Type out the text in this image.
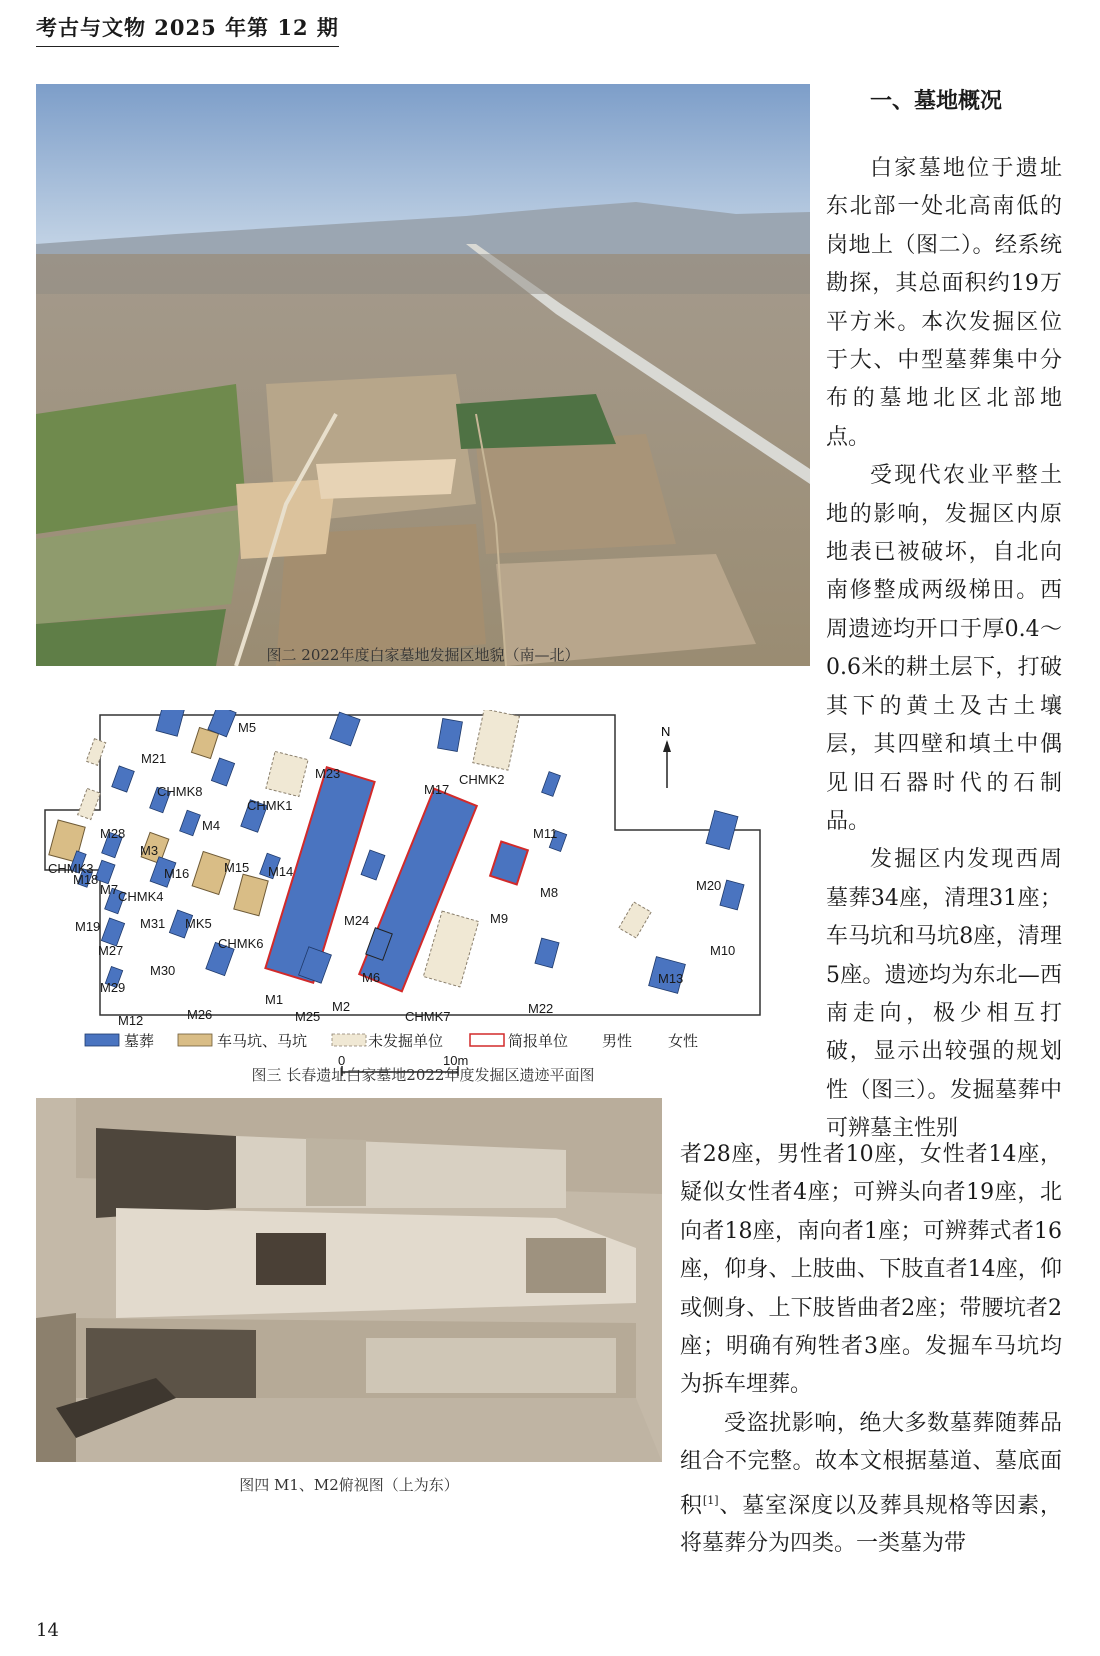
考古与文物 2025 年第 12 期
图二 2022年度白家墓地发掘区地貌（南—北）
M21
M5
M23
M17
CHMK2
CHMK8
CHMK1
M4
M28
M3
M11
CHMK3	M15 M14
M16
M18
M7 CHMK4	M8	M20
M9
M31 MK5
M19	M24
CHMK6	M10
M27
M30	M6	M13
M29
M1	M2	M22
M26	M25	CHMK7
M12
N
墓葬	车马坑、马坑	未发掘单位	简报单位 男性 女性
0	10m
图三 长春遗址白家墓地2022年度发掘区遗迹平面图
图四 M1、M2俯视图（上为东）
一、墓地概况

白家墓地位于遗址东北部一处北高南低的岗地上（图二）。经系统勘探，其总面积约19万平方米。本次发掘区位于大、中型墓葬集中分布的墓地北区北部地点。

受现代农业平整土地的影响，发掘区内原地表已被破坏，自北向南修整成两级梯田。西周遗迹均开口于厚0.4～0.6米的耕土层下，打破其下的黄土及古土壤层，其四壁和填土中偶见旧石器时代的石制品。

发掘区内发现西周墓葬34座，清理31座；车马坑和马坑8座，清理5座。遗迹均为东北—西南走向，极少相互打破，显示出较强的规划性（图三）。发掘墓葬中可辨墓主性别

者28座，男性者10座，女性者14座，疑似女性者4座；可辨头向者19座，北向者18座，南向者1座；可辨葬式者16座，仰身、上肢曲、下肢直者14座，仰或侧身、上下肢皆曲者2座；带腰坑者2座；明确有殉牲者3座。发掘车马坑均为拆车埋葬。

受盗扰影响，绝大多数墓葬随葬品组合不完整。故本文根据墓道、墓底面积[1]、墓室深度以及葬具规格等因素，将墓葬分为四类。一类墓为带

14
